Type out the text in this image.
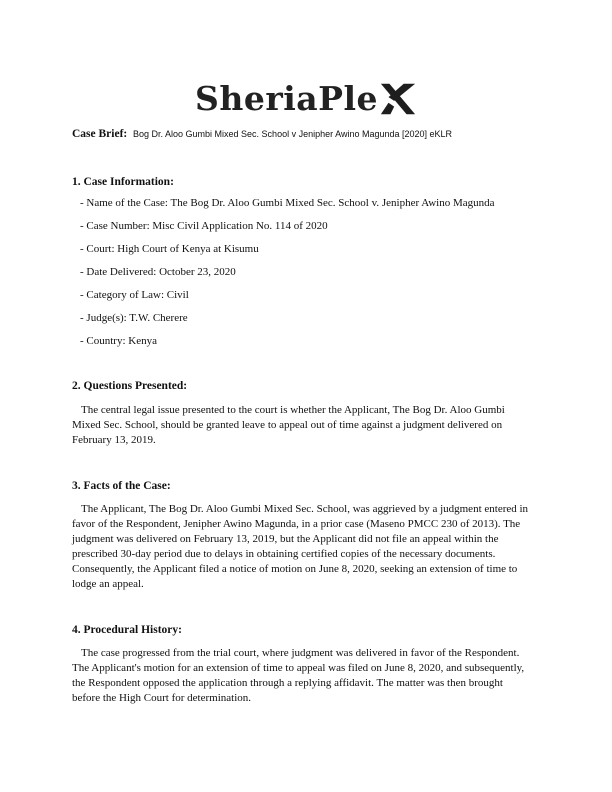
SheriaPle
Case Brief: Bog Dr. Aloo Gumbi Mixed Sec. School v Jenipher Awino Magunda [2020] eKLR
1. Case Information:
- Name of the Case: The Bog Dr. Aloo Gumbi Mixed Sec. School v. Jenipher Awino Magunda
- Case Number: Misc Civil Application No. 114 of 2020
- Court: High Court of Kenya at Kisumu
- Date Delivered: October 23, 2020
- Category of Law: Civil
- Judge(s): T.W. Cherere
- Country: Kenya
2. Questions Presented:

The central legal issue presented to the court is whether the Applicant, The Bog Dr. Aloo Gumbi Mixed Sec. School, should be granted leave to appeal out of time against a judgment delivered on February 13, 2019.

3. Facts of the Case:

The Applicant, The Bog Dr. Aloo Gumbi Mixed Sec. School, was aggrieved by a judgment entered in favor of the Respondent, Jenipher Awino Magunda, in a prior case (Maseno PMCC 230 of 2013). The judgment was delivered on February 13, 2019, but the Applicant did not file an appeal within the prescribed 30-day period due to delays in obtaining certified copies of the necessary documents. Consequently, the Applicant filed a notice of motion on June 8, 2020, seeking an extension of time to lodge an appeal.

4. Procedural History:

The case progressed from the trial court, where judgment was delivered in favor of the Respondent. The Applicant's motion for an extension of time to appeal was filed on June 8, 2020, and subsequently, the Respondent opposed the application through a replying affidavit. The matter was then brought before the High Court for determination.
